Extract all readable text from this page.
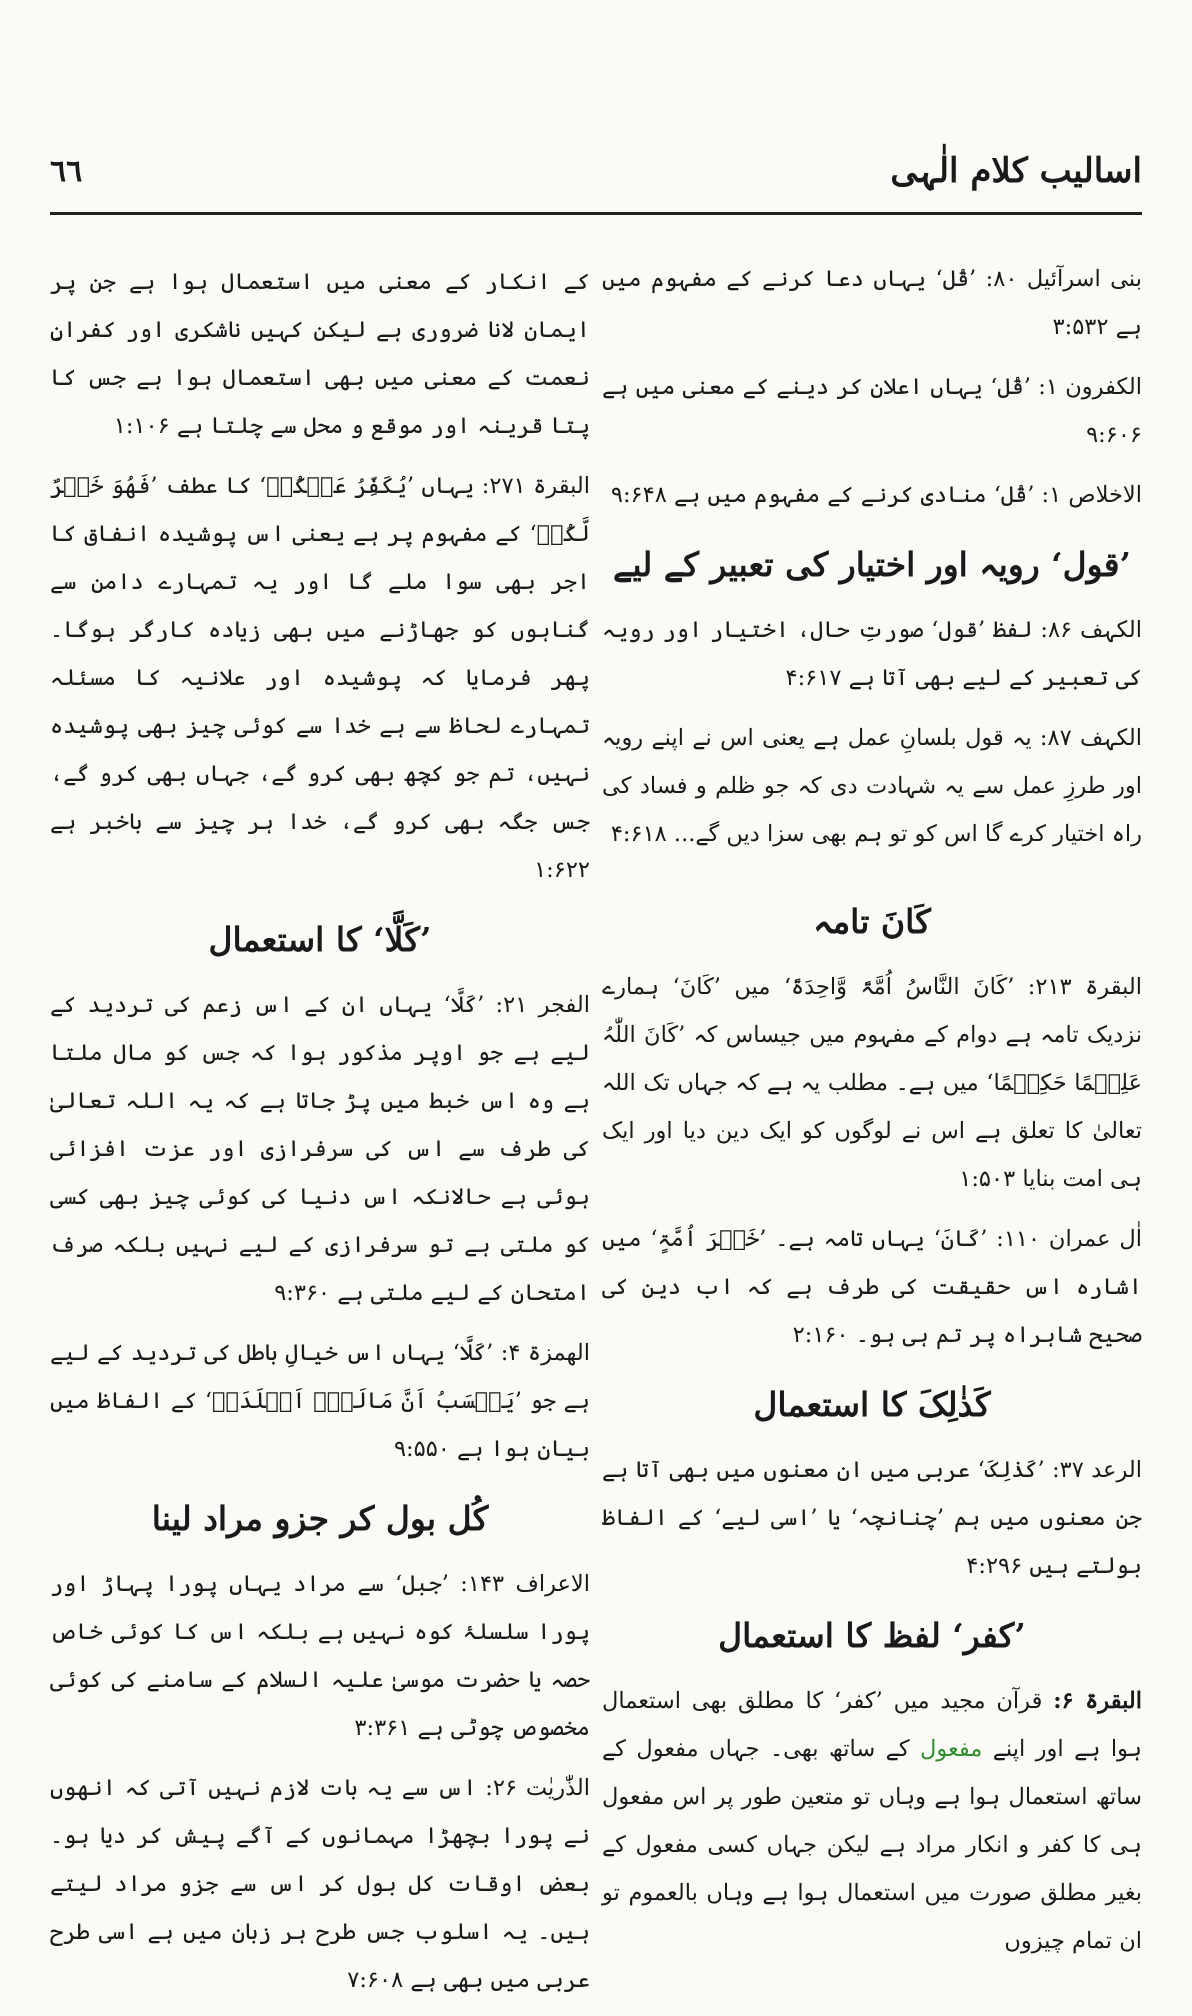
اسالیب کلام الٰہی
٦٦

بنی اسرآئیل ۸۰: ’قُل‘ یہاں دعا کرنے کے مفہوم میں ہے ۳:۵۳۲

الکفرون ۱: ’قُل‘ یہاں اعلان کر دینے کے معنی میں ہے ۹:۶۰۶

الاخلاص ۱: ’قُل‘ منادی کرنے کے مفہوم میں ہے ۹:۶۴۸

’قول‘ رویہ اور اختیار کی تعبیر کے لیے

الکہف ۸۶: لفظ ’قول‘ صورتِ حال، اختیار اور رویہ کی تعبیر کے لیے بھی آتا ہے ۴:۶۱۷

الکہف ۸۷: یہ قول بلسانِ عمل ہے یعنی اس نے اپنے رویہ اور طرزِ عمل سے یہ شہادت دی کہ جو ظلم و فساد کی راہ اختیار کرے گا اس کو تو ہم بھی سزا دیں گے... ۴:۶۱۸

کَانَ تامہ

البقرۃ ۲۱۳: ’کَانَ النَّاسُ اُمَّۃً وَّاحِدَۃً‘ میں ’کَانَ‘ ہمارے نزدیک تامہ ہے دوام کے مفہوم میں جیساس کہ ’کَانَ اللّٰہُ عَلِیۡمًا حَکِیۡمًا‘ میں ہے۔ مطلب یہ ہے کہ جہاں تک اللہ تعالیٰ کا تعلق ہے اس نے لوگوں کو ایک دین دیا اور ایک ہی امت بنایا ۱:۵۰۳

اٰل عمران ۱۱۰: ’کَانَ‘ یہاں تامہ ہے۔ ’خَیۡرَ اُمَّۃٍ‘ میں اشارہ اس حقیقت کی طرف ہے کہ اب دین کی صحیح شاہراہ پر تم ہی ہو۔ ۲:۱۶۰

کَذٰلِکَ کا استعمال

الرعد ۳۷: ’کَذٰلِکَ‘ عربی میں ان معنوں میں بھی آتا ہے جن معنوں میں ہم ’چنانچہ‘ یا ’اسی لیے‘ کے الفاظ بولتے ہیں ۴:۲۹۶

’کفر‘ لفظ کا استعمال

البقرۃ ۶: قرآن مجید میں ’کفر‘ کا مطلق بھی استعمال ہوا ہے اور اپنے مفعول کے ساتھ بھی۔ جہاں مفعول کے ساتھ استعمال ہوا ہے وہاں تو متعین طور پر اس مفعول ہی کا کفر و انکار مراد ہے لیکن جہاں کسی مفعول کے بغیر مطلق صورت میں استعمال ہوا ہے وہاں بالعموم تو ان تمام چیزوں

کے انکار کے معنی میں استعمال ہوا ہے جن پر ایمان لانا ضروری ہے لیکن کہیں ناشکری اور کفرانِ نعمت کے معنی میں بھی استعمال ہوا ہے جس کا پتا قرینہ اور موقع و محل سے چلتا ہے ۱:۱۰۶

البقرۃ ۲۷۱: یہاں ’یُکَفِّرُ عَنۡکُمۡ‘ کا عطف ’فَھُوَ خَیۡرٌ لَّکُمۡ‘ کے مفہوم پر ہے یعنی اس پوشیدہ انفاق کا اجر بھی سوا ملے گا اور یہ تمہارے دامن سے گناہوں کو جھاڑنے میں بھی زیادہ کارگر ہوگا۔ پھر فرمایا کہ پوشیدہ اور علانیہ کا مسئلہ تمہارے لحاظ سے ہے خدا سے کوئی چیز بھی پوشیدہ نہیں، تم جو کچھ بھی کرو گے، جہاں بھی کرو گے، جس جگہ بھی کرو گے، خدا ہر چیز سے باخبر ہے ۱:۶۲۲

’کَلَّا‘ کا استعمال

الفجر ۲۱: ’کَلَّا‘ یہاں ان کے اس زعم کی تردید کے لیے ہے جو اوپر مذکور ہوا کہ جس کو مال ملتا ہے وہ اس خبط میں پڑ جاتا ہے کہ یہ اللہ تعالیٰ کی طرف سے اس کی سرفرازی اور عزت افزائی ہوئی ہے حالانکہ اس دنیا کی کوئی چیز بھی کسی کو ملتی ہے تو سرفرازی کے لیے نہیں بلکہ صرف امتحان کے لیے ملتی ہے ۹:۳۶۰

الھمزۃ ۴: ’کَلَّا‘ یہاں اس خیالِ باطل کی تردید کے لیے ہے جو ’یَحۡسَبُ اَنَّ مَالَہٗۤ اَخۡلَدَہٗ‘ کے الفاظ میں بیان ہوا ہے ۹:۵۵۰

کُل بول کر جزو مراد لینا

الاعراف ۱۴۳: ’جبل‘ سے مراد یہاں پورا پہاڑ اور پورا سلسلۂ کوہ نہیں ہے بلکہ اس کا کوئی خاص حصہ یا حضرت موسیٰ علیہ السلام کے سامنے کی کوئی مخصوص چوٹی ہے ۳:۳۶۱

الذّٰریٰت ۲۶: اس سے یہ بات لازم نہیں آتی کہ انھوں نے پورا بچھڑا مہمانوں کے آگے پیش کر دیا ہو۔ بعض اوقات کل بول کر اس سے جزو مراد لیتے ہیں۔ یہ اسلوب جس طرح ہر زبان میں ہے اسی طرح عربی میں بھی ہے ۷:۶۰۸
